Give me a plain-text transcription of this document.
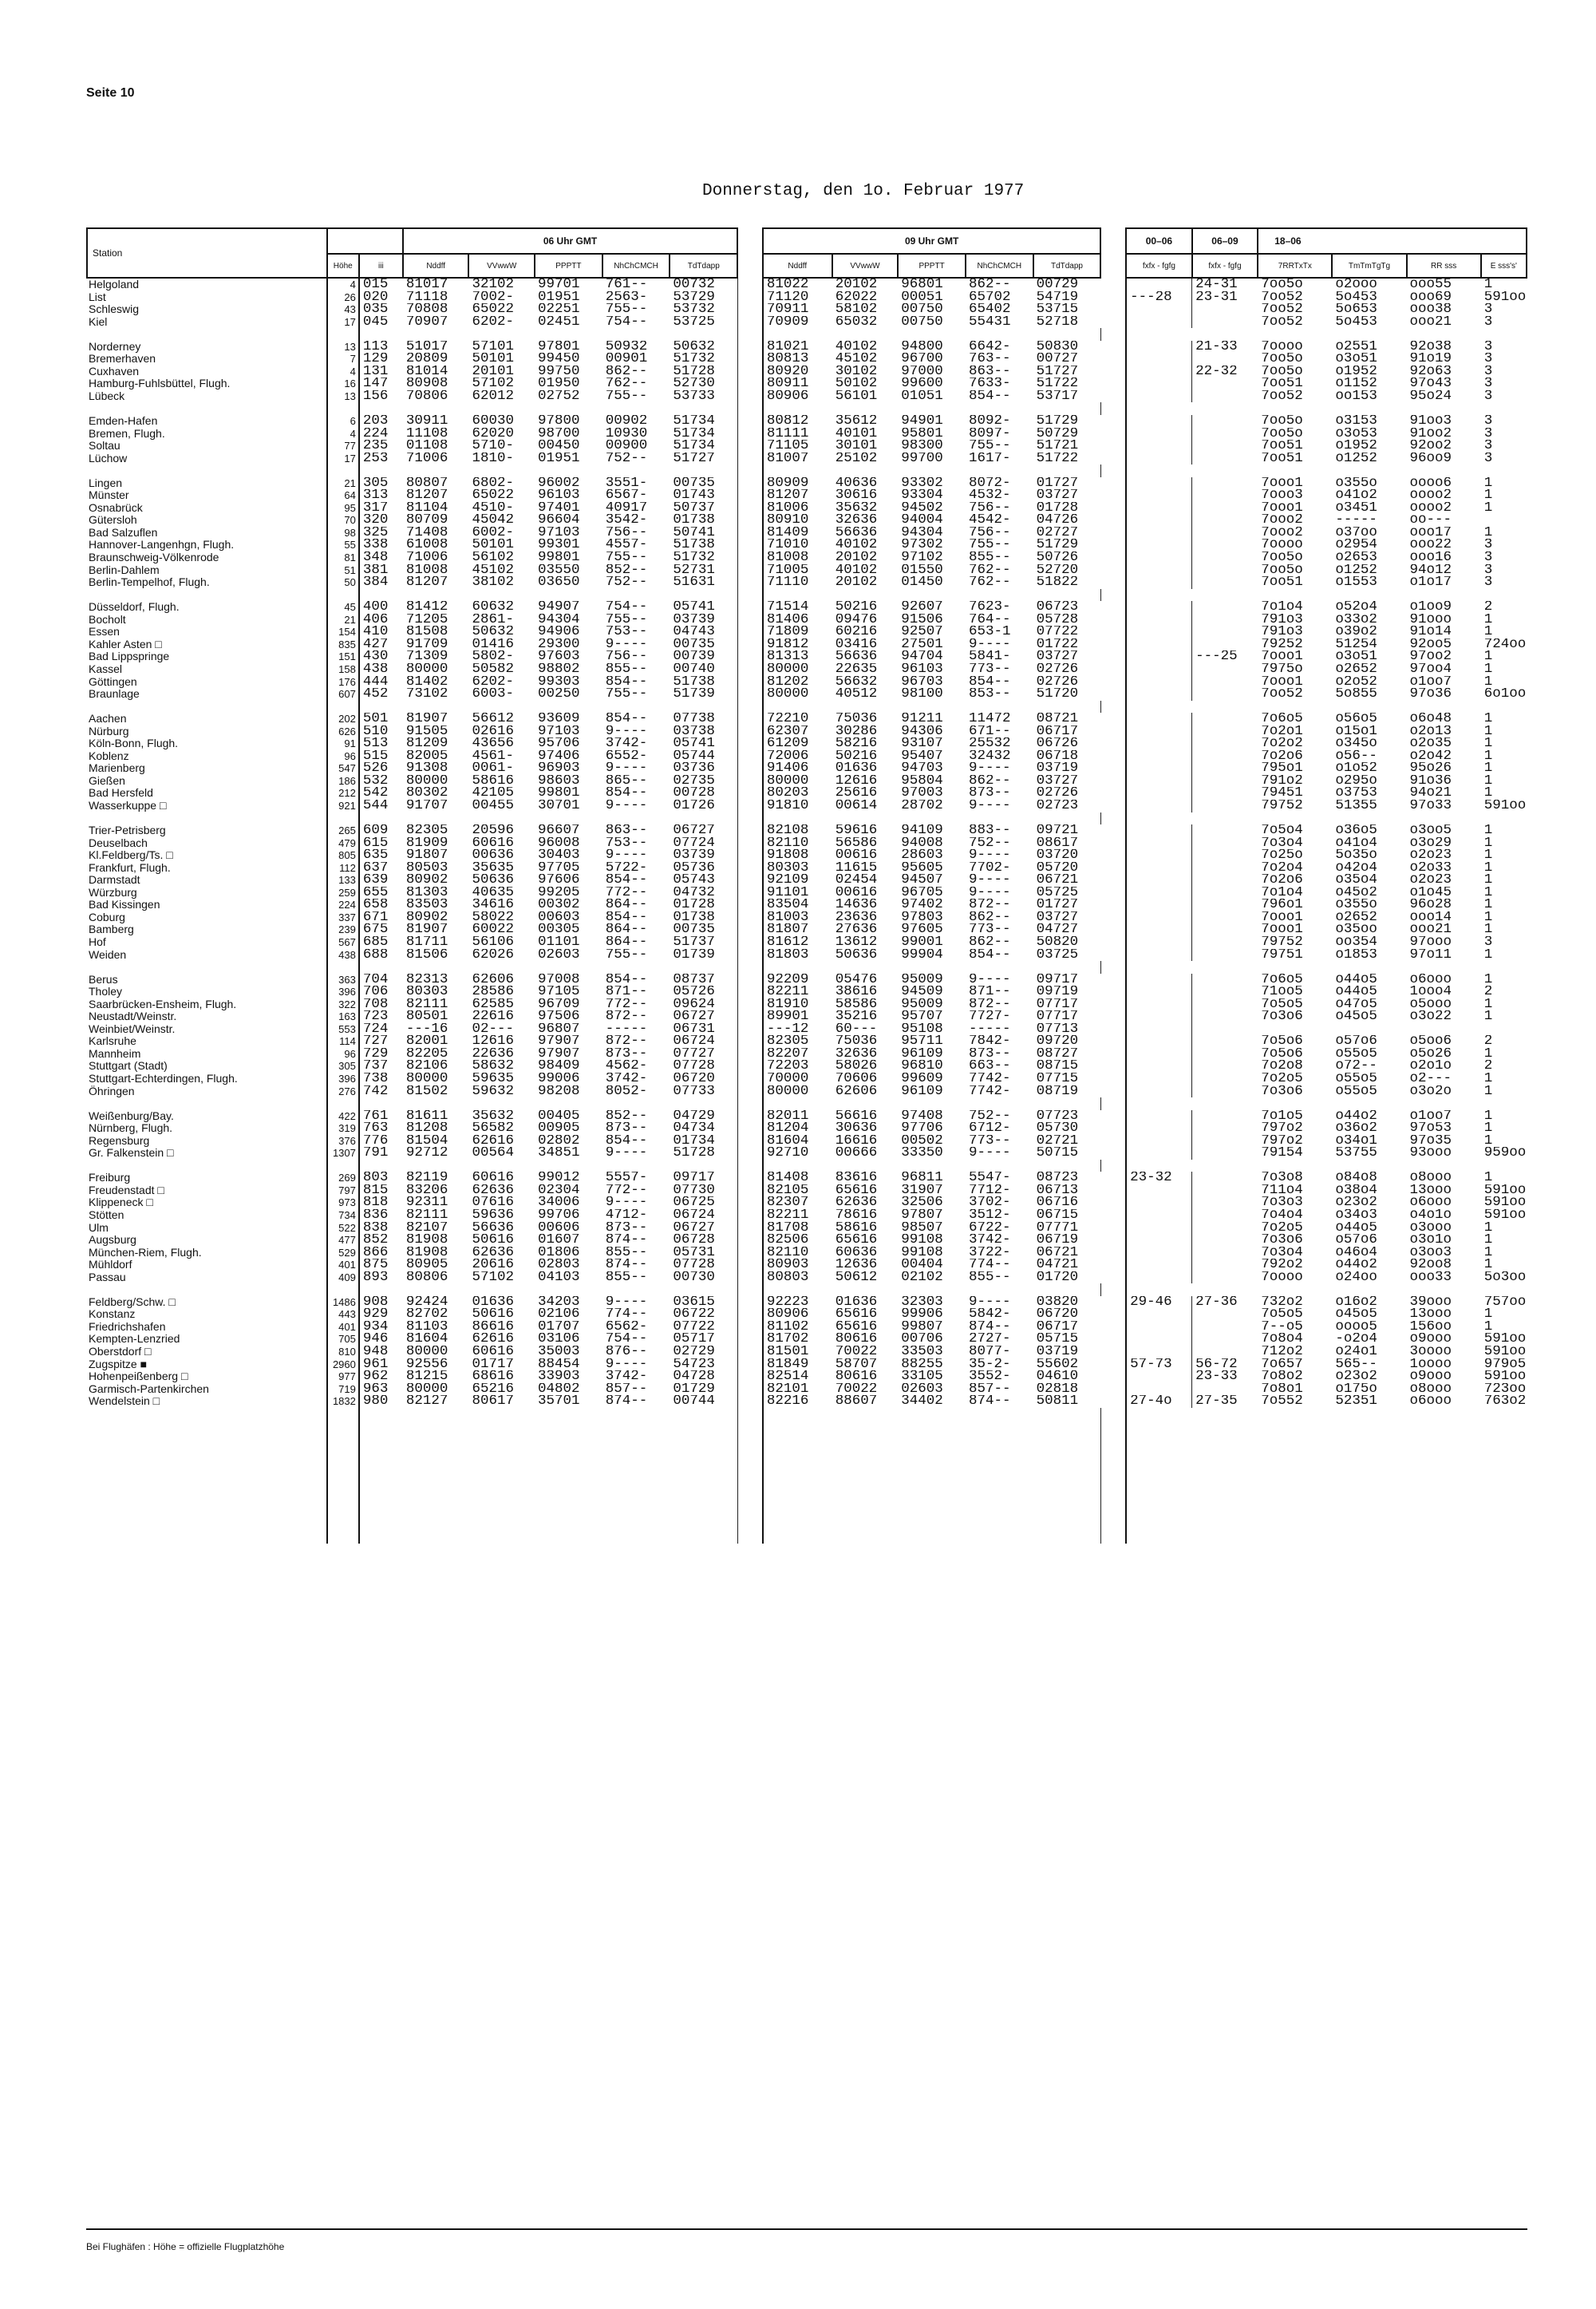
Seite 10
Donnerstag, den 1o. Februar 1977
Station			06 Uhr GMT						09 Uhr GMT						00–06	06–09	18–06			
	Höhe	iii	Nddff	VVwwW	PPPTT	NhChCMCH	TdTdapp		Nddff	VVwwW	PPPTT	NhChCMCH	TdTdapp		fxfx - fgfg	fxfx - fgfg	7RRTxTx	TmTmTgTg	RR sss	E sss's'
Helgoland	4	015	81017	32102	99701	761--	00732		81022	20102	96801	862--	00729			24-31	7oo5o	o2ooo	ooo55	1
List	26	020	71118	7002-	01951	2563-	53729		71120	62022	00051	65702	54719		---28	23-31	7oo52	5o453	ooo69	591oo
Schleswig	43	035	70808	65022	02251	755--	53732		70911	58102	00750	65402	53715				7oo52	5o653	ooo38	3
Kiel	17	045	70907	6202-	02451	754--	53725		70909	65032	00750	55431	52718				7oo52	5o453	ooo21	3

Norderney	13	113	51017	57101	97801	50932	50632		81021	40102	94800	6642-	50830			21-33	7oooo	o2551	92o38	3
Bremerhaven	7	129	20809	50101	99450	00901	51732		80813	45102	96700	763--	00727				7oo5o	o3o51	91o19	3
Cuxhaven	4	131	81014	20101	99750	862--	51728		80920	30102	97000	863--	51727			22-32	7oo5o	o1952	92o63	3
Hamburg-Fuhlsbüttel, Flugh.	16	147	80908	57102	01950	762--	52730		80911	50102	99600	7633-	51722				7oo51	o1152	97o43	3
Lübeck	13	156	70806	62012	02752	755--	53733		80906	56101	01051	854--	53717				7oo52	oo153	95o24	3

Emden-Hafen	6	203	30911	60030	97800	00902	51734		80812	35612	94901	8092-	51729				7oo5o	o3153	91oo3	3
Bremen, Flugh.	4	224	11108	62020	98700	10930	51734		81111	40101	95801	8097-	50729				7oo5o	o3o53	91oo2	3
Soltau	77	235	01108	5710-	00450	00900	51734		71105	30101	98300	755--	51721				7oo51	o1952	92oo2	3
Lüchow	17	253	71006	1810-	01951	752--	51727		81007	25102	99700	1617-	51722				7oo51	o1252	96oo9	3

Lingen	21	305	80807	6802-	96002	3551-	00735		80909	40636	93302	8072-	01727				7ooo1	o355o	oooo6	1
Münster	64	313	81207	65022	96103	6567-	01743		81207	30616	93304	4532-	03727				7ooo3	o41o2	oooo2	1
Osnabrück	95	317	81104	4510-	97401	40917	50737		81006	35632	94502	756--	01728				7ooo1	o3451	oooo2	1
Gütersloh	70	320	80709	45042	96604	3542-	01738		80910	32636	94004	4542-	04726				7ooo2	-----	oo---	
Bad Salzuflen	98	325	71408	6002-	97103	756--	50741		81409	56636	94304	756--	02727				7ooo2	o37oo	ooo17	1
Hannover-Langenhgn, Flugh.	55	338	61008	50101	99301	4557-	51738		71010	40102	97302	755--	51729				7oooo	o2954	ooo22	3
Braunschweig-Völkenrode	81	348	71006	56102	99801	755--	51732		81008	20102	97102	855--	50726				7oo5o	o2653	ooo16	3
Berlin-Dahlem	51	381	81008	45102	03550	852--	52731		71005	40102	01550	762--	52720				7oo5o	o1252	94o12	3
Berlin-Tempelhof, Flugh.	50	384	81207	38102	03650	752--	51631		71110	20102	01450	762--	51822				7oo51	o1553	o1o17	3

Düsseldorf, Flugh.	45	400	81412	60632	94907	754--	05741		71514	50216	92607	7623-	06723				7o1o4	o52o4	o1oo9	2
Bocholt	21	406	71205	2861-	94304	755--	03739		81406	09476	91506	764--	05728				791o3	o33o2	91ooo	1
Essen	154	410	81508	50632	94906	753--	04743		71809	60216	92507	653-1	07722				791o3	o39o2	91o14	1
Kahler Asten □	835	427	91709	01416	29300	9----	00735		91812	03416	27501	9----	01722				79252	51254	92oo5	724oo
Bad Lippspringe	151	430	71309	5802-	97603	756--	00739		81313	56636	94704	5841-	03727			---25	7ooo1	o3o51	97oo2	1
Kassel	158	438	80000	50582	98802	855--	00740		80000	22635	96103	773--	02726				7975o	o2652	97oo4	1
Göttingen	176	444	81402	6202-	99303	854--	51738		81202	56632	96703	854--	02726				7ooo1	o2o52	o1oo7	1
Braunlage	607	452	73102	6003-	00250	755--	51739		80000	40512	98100	853--	51720				7oo52	5o855	97o36	6o1oo

Aachen	202	501	81907	56612	93609	854--	07738		72210	75036	91211	11472	08721				7o6o5	o56o5	o6o48	1
Nürburg	626	510	91505	02616	97103	9----	03738		62307	30286	94306	671--	06717				7o2o1	o15o1	o2o13	1
Köln-Bonn, Flugh.	91	513	81209	43656	95706	3742-	05741		61209	58216	93107	25532	06726				7o2o2	o345o	o2o35	1
Koblenz	96	515	82005	4561-	97406	6552-	05744		72006	50216	95407	32432	06718				7o2o6	o56--	o2o42	1
Marienberg	547	526	91308	0061-	96903	9----	03736		91406	01636	94703	9----	03719				795o1	o1o52	95o26	1
Gießen	186	532	80000	58616	98603	865--	02735		80000	12616	95804	862--	03727				791o2	o295o	91o36	1
Bad Hersfeld	212	542	80302	42105	99801	854--	00728		80203	25616	97003	873--	02726				79451	o3753	94o21	1
Wasserkuppe □	921	544	91707	00455	30701	9----	01726		91810	00614	28702	9----	02723				79752	51355	97o33	591oo

Trier-Petrisberg	265	609	82305	20596	96607	863--	06727		82108	59616	94109	883--	09721				7o5o4	o36o5	o3oo5	1
Deuselbach	479	615	81909	60616	96008	753--	07724		82110	56586	94008	752--	08617				7o3o4	o41o4	o3o29	1
Kl.Feldberg/Ts. □	805	635	91807	00636	30403	9----	03739		91808	00616	28603	9----	03720				7o25o	5o35o	o2o23	1
Frankfurt, Flugh.	112	637	80503	35635	97705	5722-	05736		80303	11615	95605	7702-	05720				7o2o4	o42o4	o2o33	1
Darmstadt	133	639	80902	50636	97606	854--	05743		92109	02454	94507	9----	06721				7o2o6	o35o4	o2o23	1
Würzburg	259	655	81303	40635	99205	772--	04732		91101	00616	96705	9----	05725				7o1o4	o45o2	o1o45	1
Bad Kissingen	224	658	83503	34616	00302	864--	01728		83504	14636	97402	872--	01727				796o1	o355o	96o28	1
Coburg	337	671	80902	58022	00603	854--	01738		81003	23636	97803	862--	03727				7ooo1	o2652	ooo14	1
Bamberg	239	675	81907	60022	00305	864--	00735		81807	27636	97605	773--	04727				7ooo1	o35oo	ooo21	1
Hof	567	685	81711	56106	01101	864--	51737		81612	13612	99001	862--	50820				79752	oo354	97ooo	3
Weiden	438	688	81506	62026	02603	755--	01739		81803	50636	99904	854--	03725				79751	o1853	97o11	1

Berus	363	704	82313	62606	97008	854--	08737		92209	05476	95009	9----	09717				7o6o5	o44o5	o6ooo	1
Tholey	396	706	80303	28586	97105	871--	05726		82211	38616	94509	871--	09719				71oo5	o44o5	1ooo4	2
Saarbrücken-Ensheim, Flugh.	322	708	82111	62585	96709	772--	09624		81910	58586	95009	872--	07717				7o5o5	o47o5	o5ooo	1
Neustadt/Weinstr.	163	723	80501	22616	97506	872--	06727		89901	35216	95707	7727-	07717				7o3o6	o45o5	o3o22	1
Weinbiet/Weinstr.	553	724	---16	02---	96807	-----	06731		---12	60---	95108	-----	07713							
Karlsruhe	114	727	82001	12616	97907	872--	06724		82305	75036	95711	7842-	09720				7o5o6	o57o6	o5oo6	2
Mannheim	96	729	82205	22636	97907	873--	07727		82207	32636	96109	873--	08727				7o5o6	o55o5	o5o26	1
Stuttgart (Stadt)	305	737	82106	58632	98409	4562-	07728		72203	58026	96810	663--	08715				7o2o8	o72--	o2o1o	2
Stuttgart-Echterdingen, Flugh.	396	738	80000	59635	99006	3742-	06720		70000	70606	99609	7742-	07715				7o2o5	o55o5	o2---	1
Öhringen	276	742	81502	59632	98208	8052-	07733		80000	62606	96109	7742-	08719				7o3o6	o55o5	o3o2o	1

Weißenburg/Bay.	422	761	81611	35632	00405	852--	04729		82011	56616	97408	752--	07723				7o1o5	o44o2	o1oo7	1
Nürnberg, Flugh.	319	763	81208	56582	00905	873--	04734		81204	30636	97706	6712-	05730				797o2	o36o2	97o53	1
Regensburg	376	776	81504	62616	02802	854--	01734		81604	16616	00502	773--	02721				797o2	o34o1	97o35	1
Gr. Falkenstein □	1307	791	92712	00564	34851	9----	51728		92710	00666	33350	9----	50715				79154	53755	93ooo	959oo

Freiburg	269	803	82119	60616	99012	5557-	09717		81408	83616	96811	5547-	08723		23-32		7o3o8	o84o8	o8ooo	1
Freudenstadt □	797	815	83206	62636	02304	772--	07730		82105	65616	31907	7712-	06713				711o4	o38o4	13ooo	591oo
Klippeneck □	973	818	92311	07616	34006	9----	06725		82307	62636	32506	3702-	06716				7o3o3	o23o2	o6ooo	591oo
Stötten	734	836	82111	59636	99706	4712-	06724		82211	78616	97807	3512-	06715				7o4o4	o34o3	o4o1o	591oo
Ulm	522	838	82107	56636	00606	873--	06727		81708	58616	98507	6722-	07771				7o2o5	o44o5	o3ooo	1
Augsburg	477	852	81908	50616	01607	874--	06728		82506	65616	99108	3742-	06719				7o3o6	o57o6	o3o1o	1
München-Riem, Flugh.	529	866	81908	62636	01806	855--	05731		82110	60636	99108	3722-	06721				7o3o4	o46o4	o3oo3	1
Mühldorf	401	875	80905	20616	02803	874--	07728		80903	12636	00404	774--	04721				792o2	o44o2	92oo8	1
Passau	409	893	80806	57102	04103	855--	00730		80803	50612	02102	855--	01720				7oooo	o24oo	ooo33	5o3oo

Feldberg/Schw. □	1486	908	92424	01636	34203	9----	03615		92223	01636	32303	9----	03820		29-46	27-36	732o2	o16o2	39ooo	757oo
Konstanz	443	929	82702	50616	02106	774--	06722		80906	65616	99906	5842-	06720				7o5o5	o45o5	13ooo	1
Friedrichshafen	401	934	81103	86616	01707	6562-	07722		81102	65616	99807	874--	06717				7--o5	oooo5	156oo	1
Kempten-Lenzried	705	946	81604	62616	03106	754--	05717		81702	80616	00706	2727-	05715				7o8o4	-o2o4	o9ooo	591oo
Oberstdorf □	810	948	80000	60616	35003	876--	02729		81501	70022	33503	8077-	03719				712o2	o24o1	3oooo	591oo
Zugspitze ■	2960	961	92556	01717	88454	9----	54723		81849	58707	88255	35-2-	55602		57-73	56-72	7o657	565--	1oooo	979o5
Hohenpeißenberg □	977	962	81215	68616	33903	3742-	04728		82514	80616	33105	3552-	04610			23-33	7o8o2	o23o2	o9ooo	591oo
Garmisch-Partenkirchen	719	963	80000	65216	04802	857--	01729		82101	70022	02603	857--	02818				7o8o1	o175o	o8ooo	723oo
Wendelstein □	1832	980	82127	80617	35701	874--	00744		82216	88607	34402	874--	50811		27-4o	27-35	7o552	52351	o6ooo	763o2

Bei Flughäfen : Höhe = offizielle Flugplatzhöhe
